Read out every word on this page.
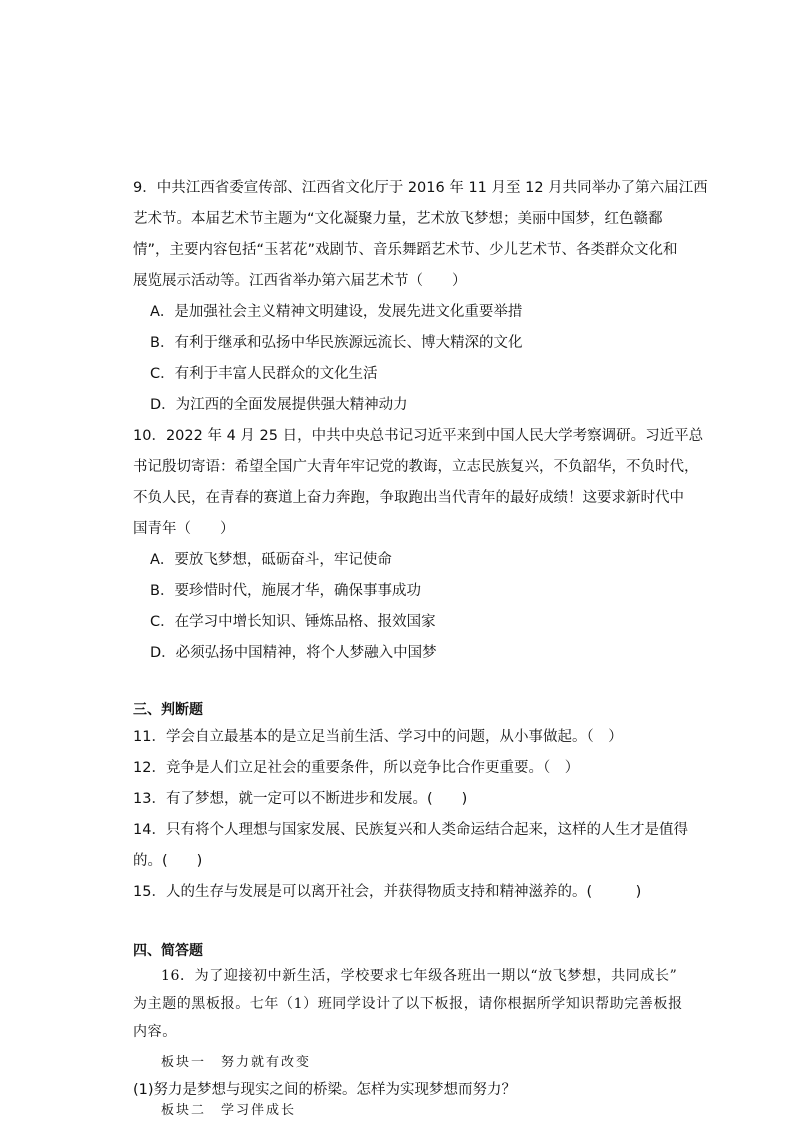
9．中共江西省委宣传部、江西省文化厅于 2016 年 11 月至 12 月共同举办了第六届江西
艺术节。本届艺术节主题为“文化凝聚力量，艺术放飞梦想；美丽中国梦，红色赣鄱
情”，主要内容包括“玉茗花”戏剧节、音乐舞蹈艺术节、少儿艺术节、各类群众文化和
展览展示活动等。江西省举办第六届艺术节（　　）
A．是加强社会主义精神文明建设，发展先进文化重要举措
B．有利于继承和弘扬中华民族源远流长、博大精深的文化
C．有利于丰富人民群众的文化生活
D．为江西的全面发展提供强大精神动力
10．2022 年 4 月 25 日，中共中央总书记习近平来到中国人民大学考察调研。习近平总
书记殷切寄语：希望全国广大青年牢记党的教诲，立志民族复兴，不负韶华，不负时代，
不负人民，在青春的赛道上奋力奔跑，争取跑出当代青年的最好成绩！这要求新时代中
国青年（　　）
A．要放飞梦想，砥砺奋斗，牢记使命
B．要珍惜时代，施展才华，确保事事成功
C．在学习中增长知识、锤炼品格、报效国家
D．必须弘扬中国精神，将个人梦融入中国梦
三、判断题
11．学会自立最基本的是立足当前生活、学习中的问题，从小事做起。（　）
12．竞争是人们立足社会的重要条件，所以竞争比合作更重要。（　）
13．有了梦想，就一定可以不断进步和发展。(　　)
14．只有将个人理想与国家发展、民族复兴和人类命运结合起来，这样的人生才是值得
的。(　　)
15．人的生存与发展是可以离开社会，并获得物质支持和精神滋养的。(　　　)
四、简答题
16．为了迎接初中新生活，学校要求七年级各班出一期以“放飞梦想，共同成长”
为主题的黑板报。七年（1）班同学设计了以下板报，请你根据所学知识帮助完善板报
内容。
板块一　努力就有改变
(1)努力是梦想与现实之间的桥梁。怎样为实现梦想而努力？
板块二　学习伴成长
